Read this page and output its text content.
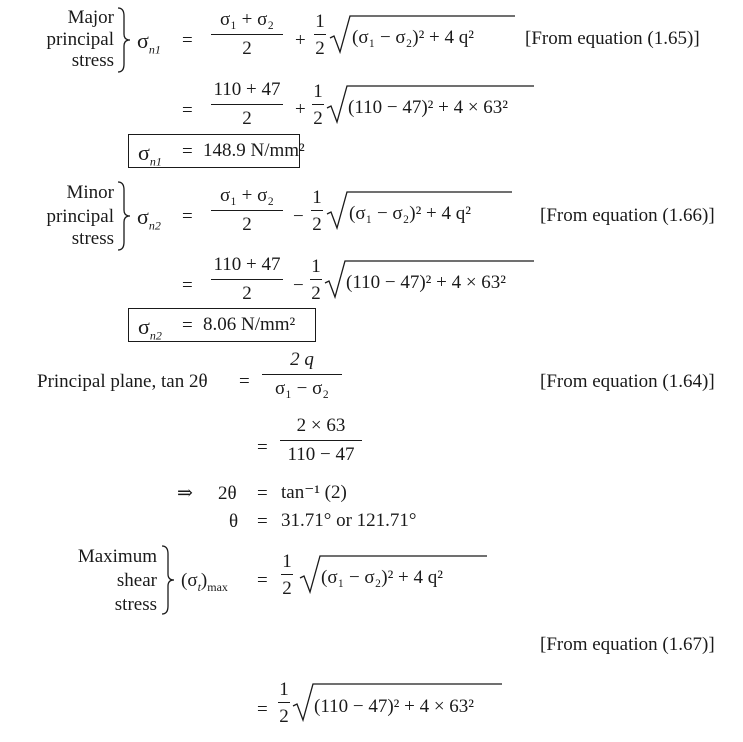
Major
principal
stress
$\sigma_{n1}$ =
σ₁ + σ₂
2	+
1
2
(σ₁ − σ₂)² + 4 q²	[From equation (1.65)]
=
110 + 47
2	+
1
2
(110 − 47)² + 4 × 63²
$\sigma_{n1} = 148.9$ N/mm²
Minor
principal
stress
$\sigma_{n2}$ =
σ₁ + σ₂
2	−
1
2
(σ₁ − σ₂)² + 4 q²	[From equation (1.66)]
=
110 + 47
2	−
1
2
(110 − 47)² + 4 × 63²
$\sigma_{n2} = 8.06$ N/mm²
Principal plane, tan 2θ =
2 q
σ₁ − σ₂	[From equation (1.64)]
=
2 × 63
110 − 47
⇒ 2θ = tan⁻¹ (2)
θ = 31.71° or 121.71°
Maximum
shear
stress
$(\sigma_t)_{max}$ =
1
2
(σ₁ − σ₂)² + 4 q²
[From equation (1.67)]
=
1
2 (110 − 47)² + 4 × 63²
